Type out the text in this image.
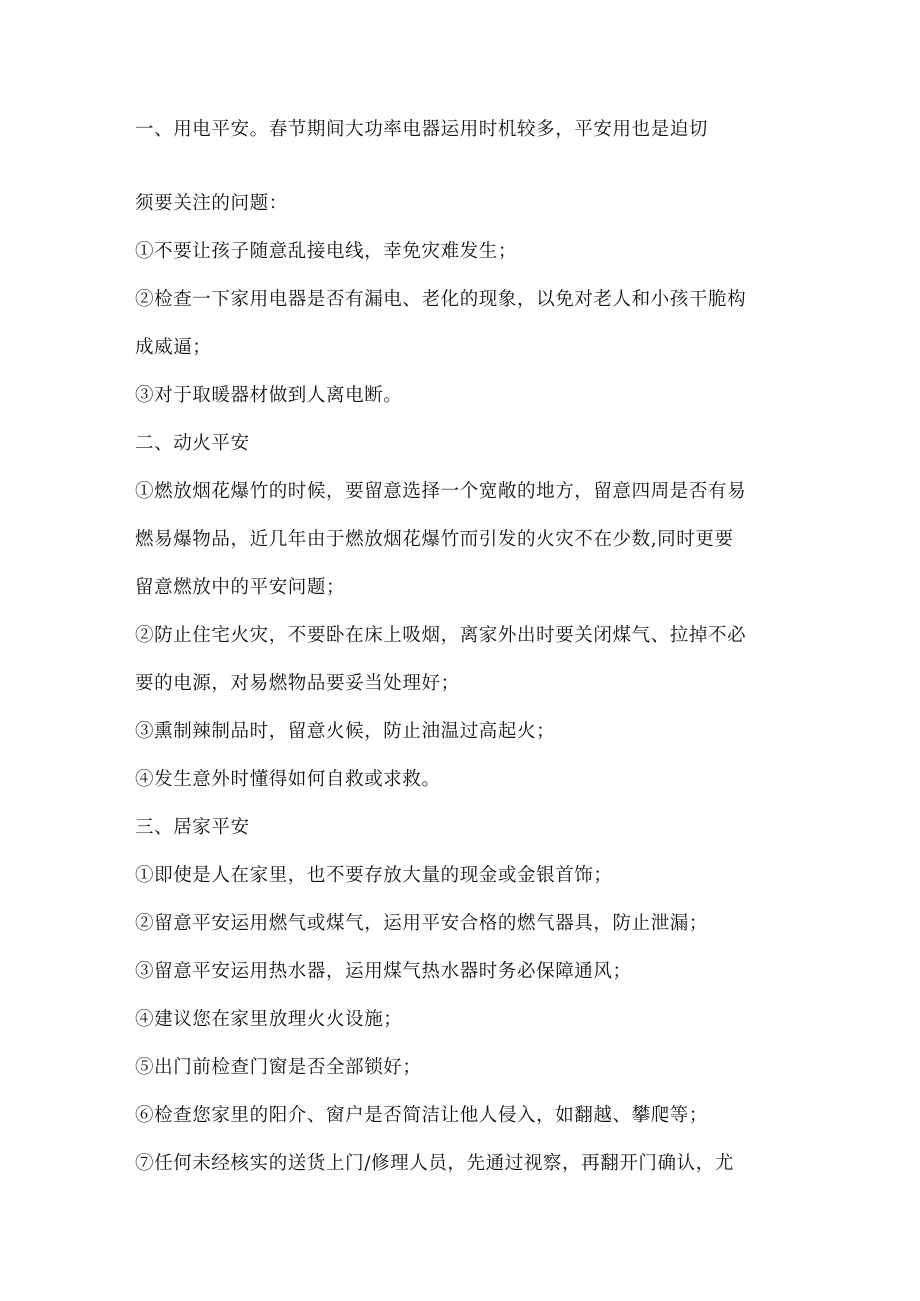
一、用电平安。春节期间大功率电器运用时机较多，平安用也是迫切
须要关注的问题：
①不要让孩子随意乱接电线，幸免灾难发生；
②检查一下家用电器是否有漏电、老化的现象，以免对老人和小孩干脆构
成威逼；
③对于取暖器材做到人离电断。
二、动火平安
①燃放烟花爆竹的时候，要留意选择一个宽敞的地方，留意四周是否有易
燃易爆物品，近几年由于燃放烟花爆竹而引发的火灾不在少数,同时更要
留意燃放中的平安问题；
②防止住宅火灾，不要卧在床上吸烟，离家外出时要关闭煤气、拉掉不必
要的电源，对易燃物品要妥当处理好；
③熏制辣制品时，留意火候，防止油温过高起火；
④发生意外时懂得如何自救或求救。
三、居家平安
①即使是人在家里，也不要存放大量的现金或金银首饰；
②留意平安运用燃气或煤气，运用平安合格的燃气器具，防止泄漏；
③留意平安运用热水器，运用煤气热水器时务必保障通风；
④建议您在家里放理火火设施；
⑤出门前检查门窗是否全部锁好；
⑥检查您家里的阳介、窗户是否简洁让他人侵入，如翻越、攀爬等；
⑦任何未经核实的送货上门/修理人员，先通过视察，再翻开门确认，尤
